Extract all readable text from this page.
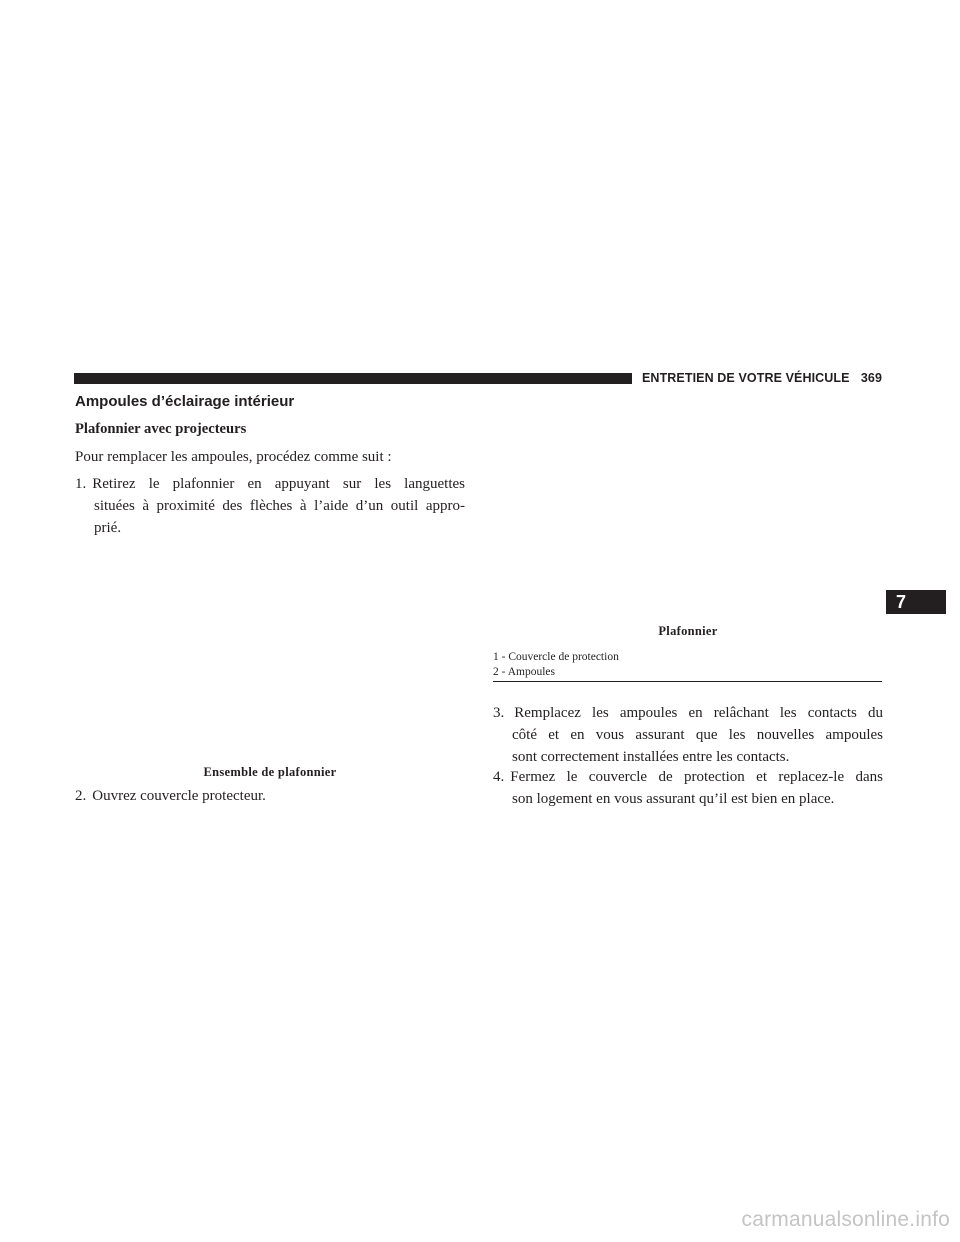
ENTRETIEN DE VOTRE VÉHICULE 369
Ampoules d’éclairage intérieur
Plafonnier avec projecteurs
Pour remplacer les ampoules, procédez comme suit :
1. Retirez le plafonnier en appuyant sur les languettes
situées à proximité des flèches à l’aide d’un outil appro-
prié.
Ensemble de plafonnier
2. Ouvrez couvercle protecteur.
Plafonnier
1 - Couvercle de protection
2 - Ampoules
3. Remplacez les ampoules en relâchant les contacts du
côté et en vous assurant que les nouvelles ampoules
sont correctement installées entre les contacts.
4. Fermez le couvercle de protection et replacez-le dans
son logement en vous assurant qu’il est bien en place.
7
carmanualsonline.info
